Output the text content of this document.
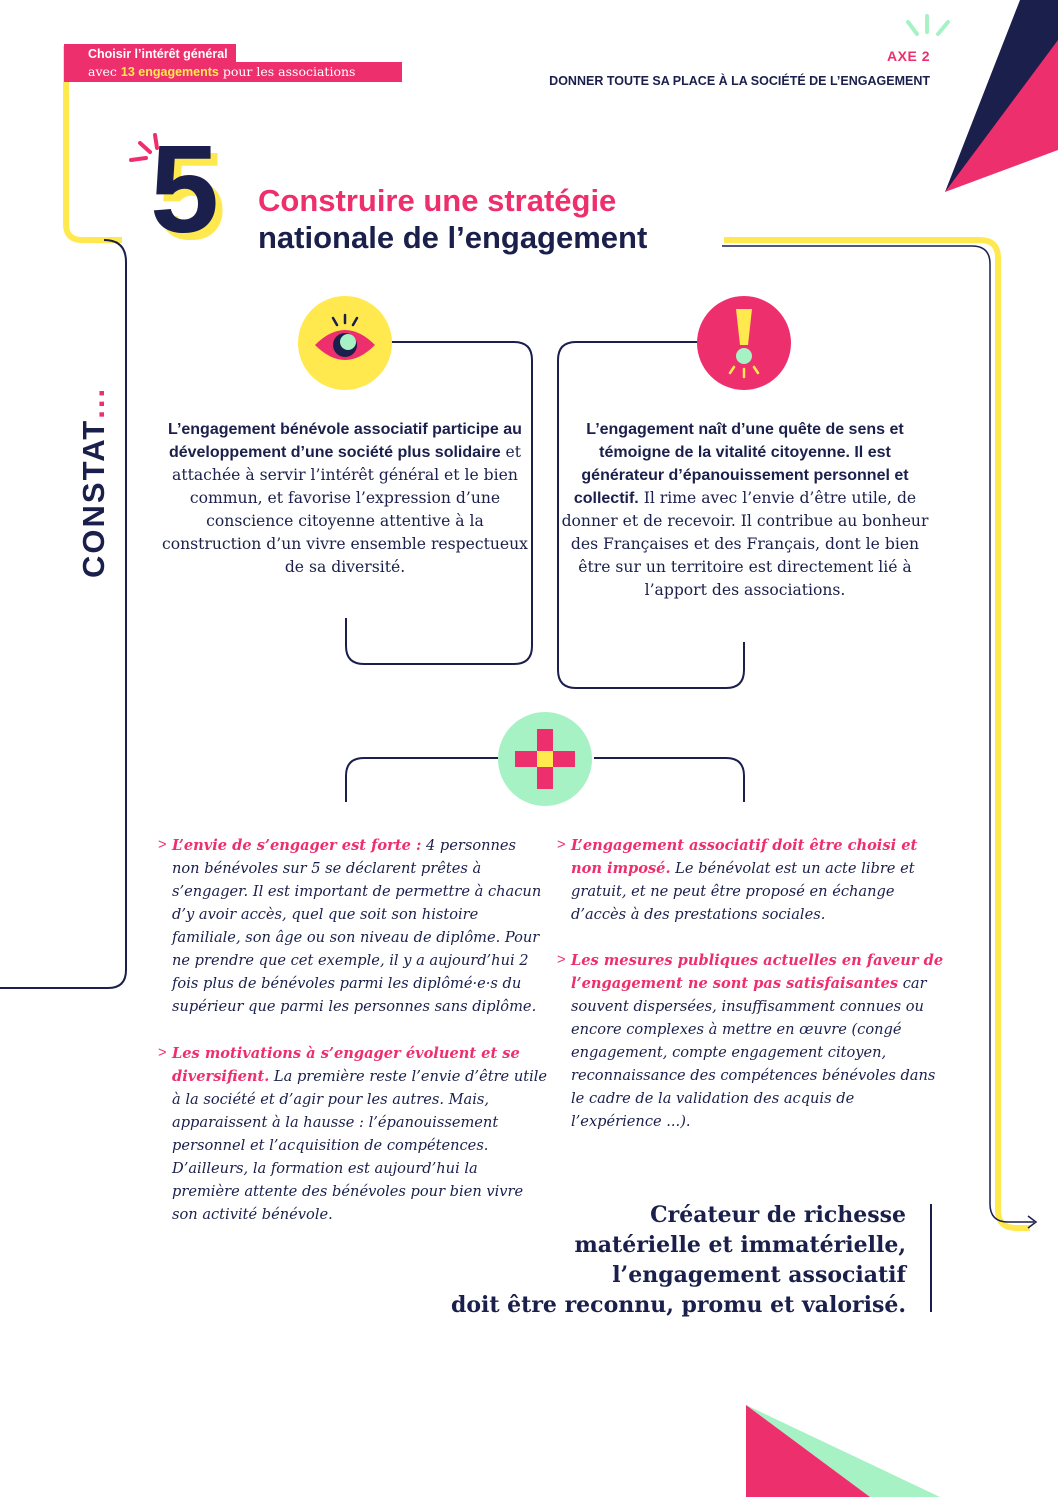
Choisir l’intérêt général
avec 13 engagements pour les associations
AXE 2
DONNER TOUTE SA PLACE À LA SOCIÉTÉ DE L’ENGAGEMENT
5 Construire une stratégie
nationale de l’engagement
CONSTAT...
L’engagement bénévole associatif participe au développement d’une société plus solidaire et attachée à servir l’intérêt général et le bien commun, et favorise l’expression d’une conscience citoyenne attentive à la construction d’un vivre ensemble respectueux de sa diversité.
L’engagement naît d’une quête de sens et témoigne de la vitalité citoyenne. Il est générateur d’épanouissement personnel et collectif. Il rime avec l’envie d’être utile, de donner et de recevoir. Il contribue au bonheur des Françaises et des Français, dont le bien être sur un territoire est directement lié à l’apport des associations.
> L’envie de s’engager est forte : 4 personnes non bénévoles sur 5 se déclarent prêtes à s’engager. Il est important de permettre à chacun d’y avoir accès, quel que soit son histoire familiale, son âge ou son niveau de diplôme. Pour ne prendre que cet exemple, il y a aujourd’hui 2 fois plus de bénévoles parmi les diplômé·e·s du supérieur que parmi les personnes sans diplôme.
> Les motivations à s’engager évoluent et se diversifient. La première reste l’envie d’être utile à la société et d’agir pour les autres. Mais, apparaissent à la hausse : l’épanouissement personnel et l’acquisition de compétences. D’ailleurs, la formation est aujourd’hui la première attente des bénévoles pour bien vivre son activité bénévole.
> L’engagement associatif doit être choisi et non imposé. Le bénévolat est un acte libre et gratuit, et ne peut être proposé en échange d’accès à des prestations sociales.
> Les mesures publiques actuelles en faveur de l’engagement ne sont pas satisfaisantes car souvent dispersées, insuffisamment connues ou encore complexes à mettre en œuvre (congé engagement, compte engagement citoyen, reconnaissance des compétences bénévoles dans le cadre de la validation des acquis de l’expérience ...).
Créateur de richesse
matérielle et immatérielle,
l’engagement associatif
doit être reconnu, promu et valorisé.
